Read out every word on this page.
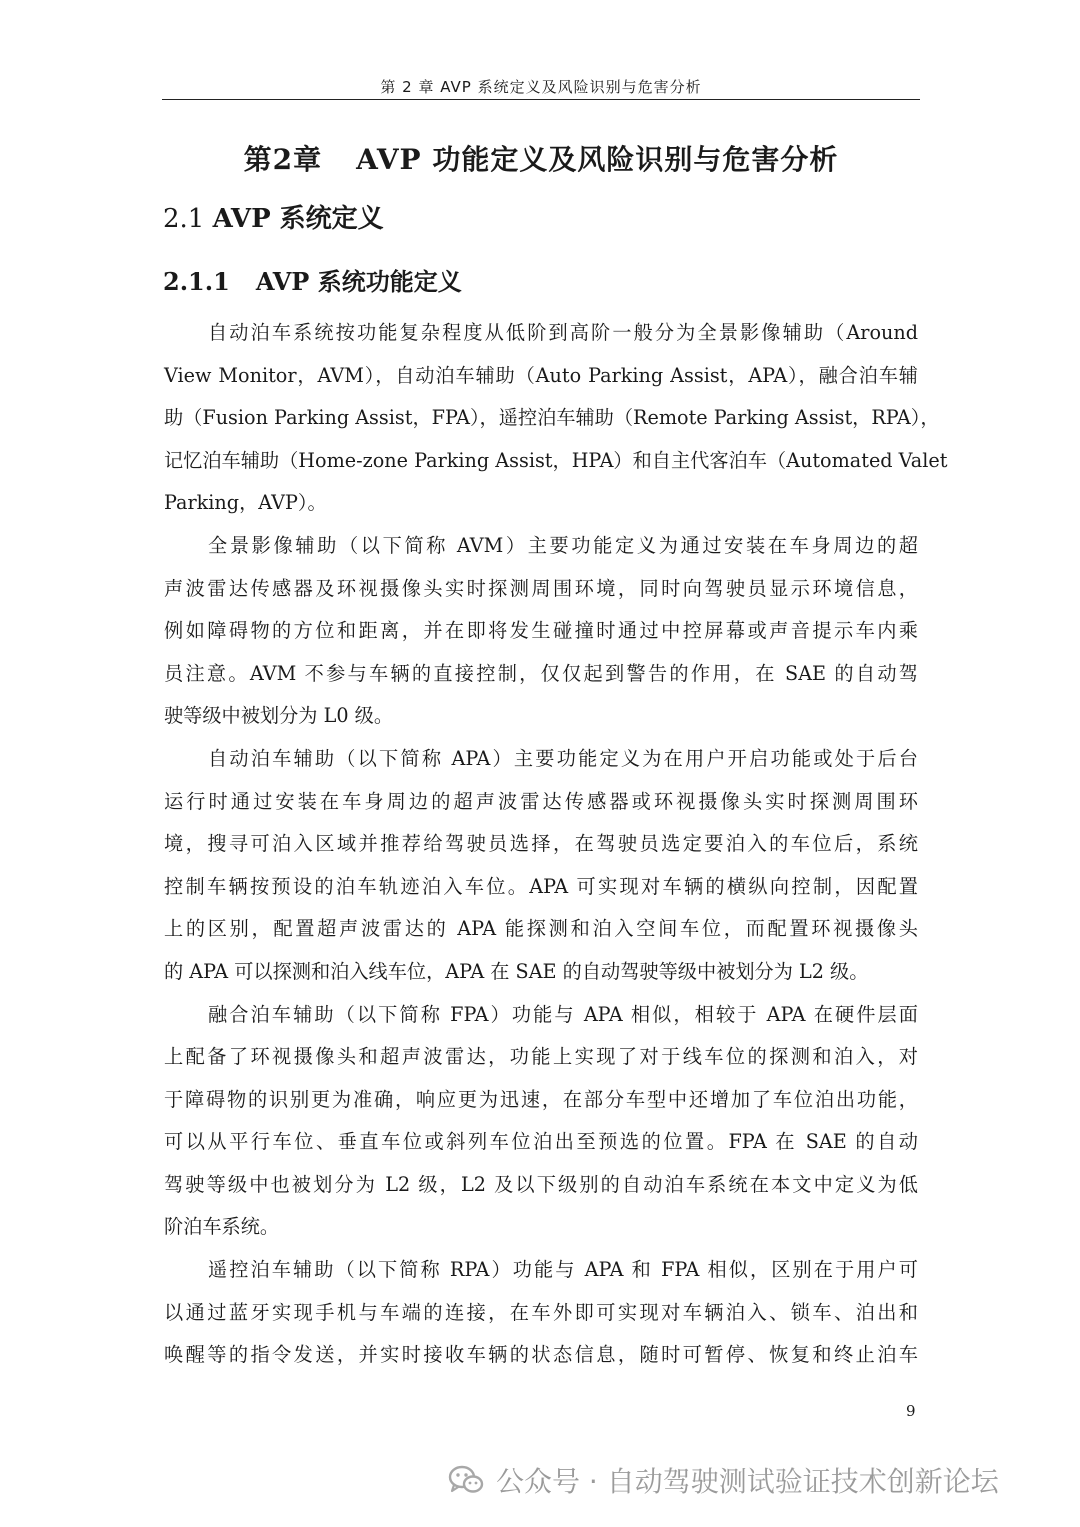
第 2 章 AVP 系统定义及风险识别与危害分析
第2章 AVP 功能定义及风险识别与危害分析
2.1 AVP 系统定义
2.1.1 AVP 系统功能定义

自动泊车系统按功能复杂程度从低阶到高阶一般分为全景影像辅助（Around
View Monitor，AVM），自动泊车辅助（Auto Parking Assist，APA），融合泊车辅
助（Fusion Parking Assist，FPA），遥控泊车辅助（Remote Parking Assist，RPA），
记忆泊车辅助（Home-zone Parking Assist，HPA）和自主代客泊车（Automated Valet
Parking，AVP）。

全景影像辅助（以下简称 AVM）主要功能定义为通过安装在车身周边的超
声波雷达传感器及环视摄像头实时探测周围环境，同时向驾驶员显示环境信息，
例如障碍物的方位和距离，并在即将发生碰撞时通过中控屏幕或声音提示车内乘
员注意。AVM 不参与车辆的直接控制，仅仅起到警告的作用，在 SAE 的自动驾
驶等级中被划分为 L0 级。

自动泊车辅助（以下简称 APA）主要功能定义为在用户开启功能或处于后台
运行时通过安装在车身周边的超声波雷达传感器或环视摄像头实时探测周围环
境，搜寻可泊入区域并推荐给驾驶员选择，在驾驶员选定要泊入的车位后，系统
控制车辆按预设的泊车轨迹泊入车位。APA 可实现对车辆的横纵向控制，因配置
上的区别，配置超声波雷达的 APA 能探测和泊入空间车位，而配置环视摄像头
的 APA 可以探测和泊入线车位，APA 在 SAE 的自动驾驶等级中被划分为 L2 级。

融合泊车辅助（以下简称 FPA）功能与 APA 相似，相较于 APA 在硬件层面
上配备了环视摄像头和超声波雷达，功能上实现了对于线车位的探测和泊入，对
于障碍物的识别更为准确，响应更为迅速，在部分车型中还增加了车位泊出功能，
可以从平行车位、垂直车位或斜列车位泊出至预选的位置。FPA 在 SAE 的自动
驾驶等级中也被划分为 L2 级，L2 及以下级别的自动泊车系统在本文中定义为低
阶泊车系统。

遥控泊车辅助（以下简称 RPA）功能与 APA 和 FPA 相似，区别在于用户可
以通过蓝牙实现手机与车端的连接，在车外即可实现对车辆泊入、锁车、泊出和
唤醒等的指令发送，并实时接收车辆的状态信息，随时可暂停、恢复和终止泊车

9
公众号 · 自动驾驶测试验证技术创新论坛
